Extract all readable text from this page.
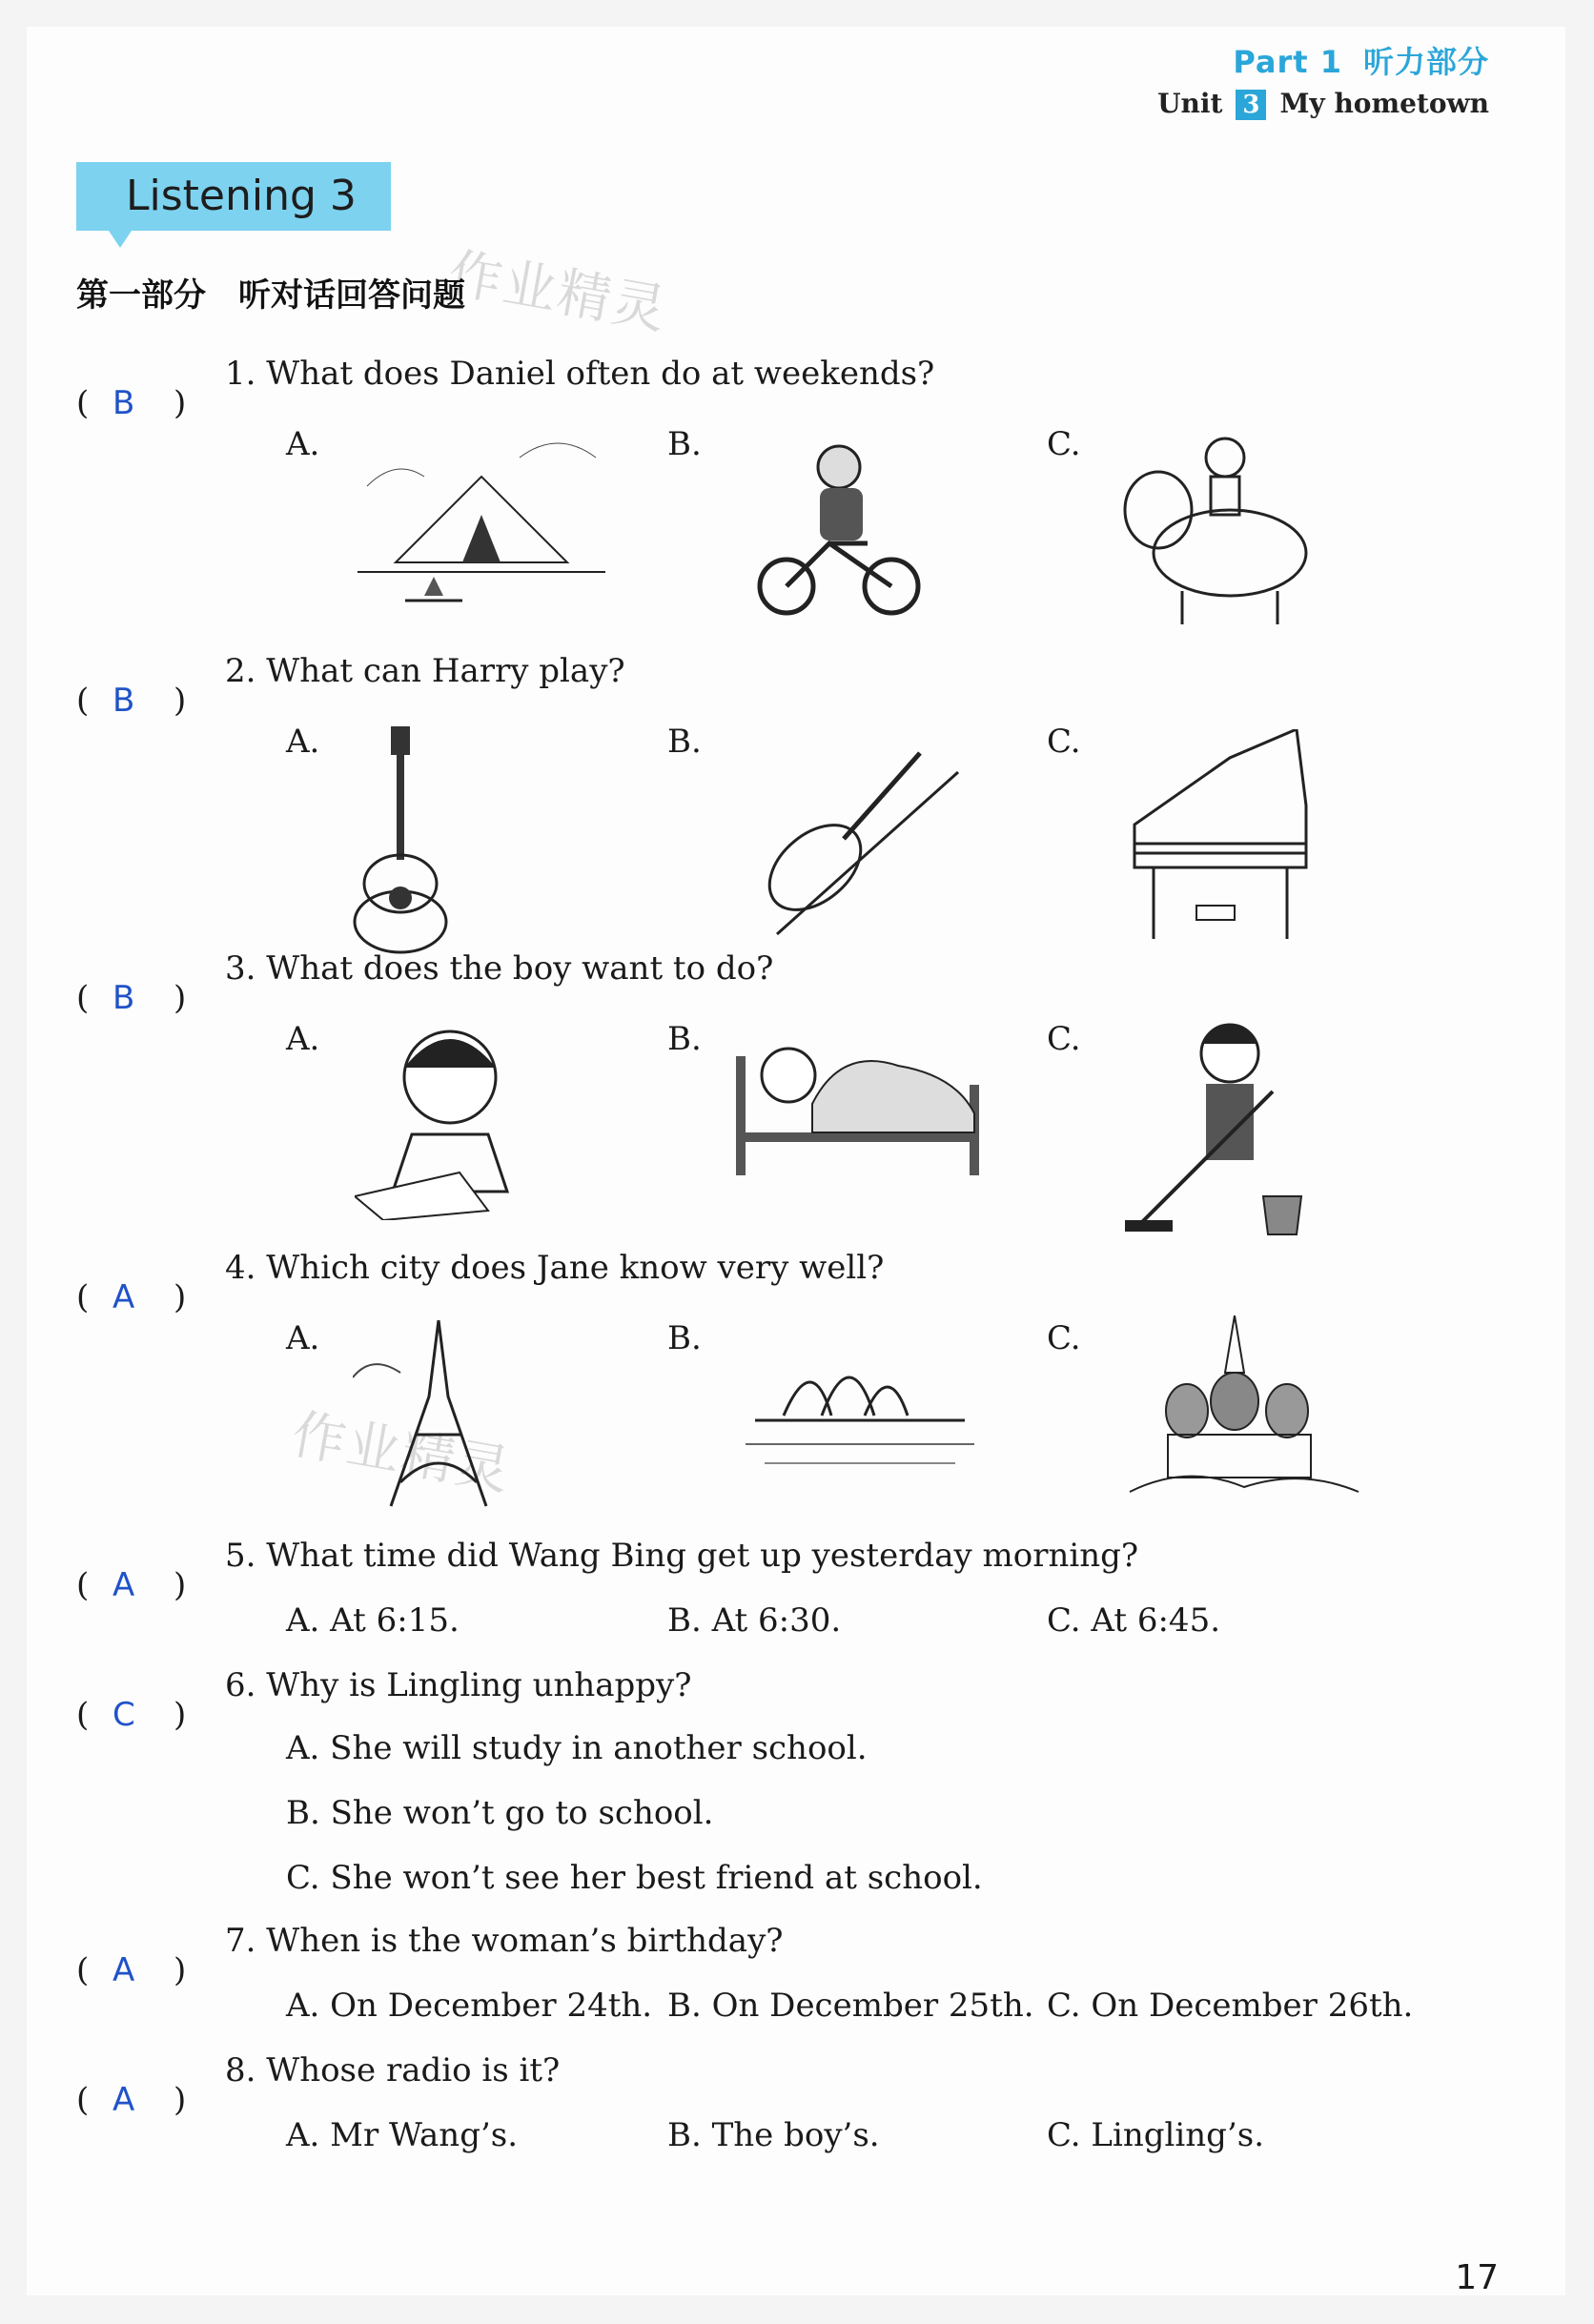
Part 1 听力部分
Unit 3 My hometown
Listening 3
作业精灵
作业精灵
第一部分　听对话回答问题
( B )
1. What does Daniel often do at weekends?
A.	B.	C.
( B )
2. What can Harry play?
A.	B.	C.
( B )
3. What does the boy want to do?
A.	B.	C.
( A )
4. Which city does Jane know very well?
A.	B.	C.
( A )
5. What time did Wang Bing get up yesterday morning?
A. At 6:15.	B. At 6:30.	C. At 6:45.
( C )
6. Why is Lingling unhappy?
A. She will study in another school.
B. She won’t go to school.
C. She won’t see her best friend at school.
( A )
7. When is the woman’s birthday?
A. On December 24th. B. On December 25th. C. On December 26th.
( A )
8. Whose radio is it?
A. Mr Wang’s.	B. The boy’s.	C. Lingling’s.
17
